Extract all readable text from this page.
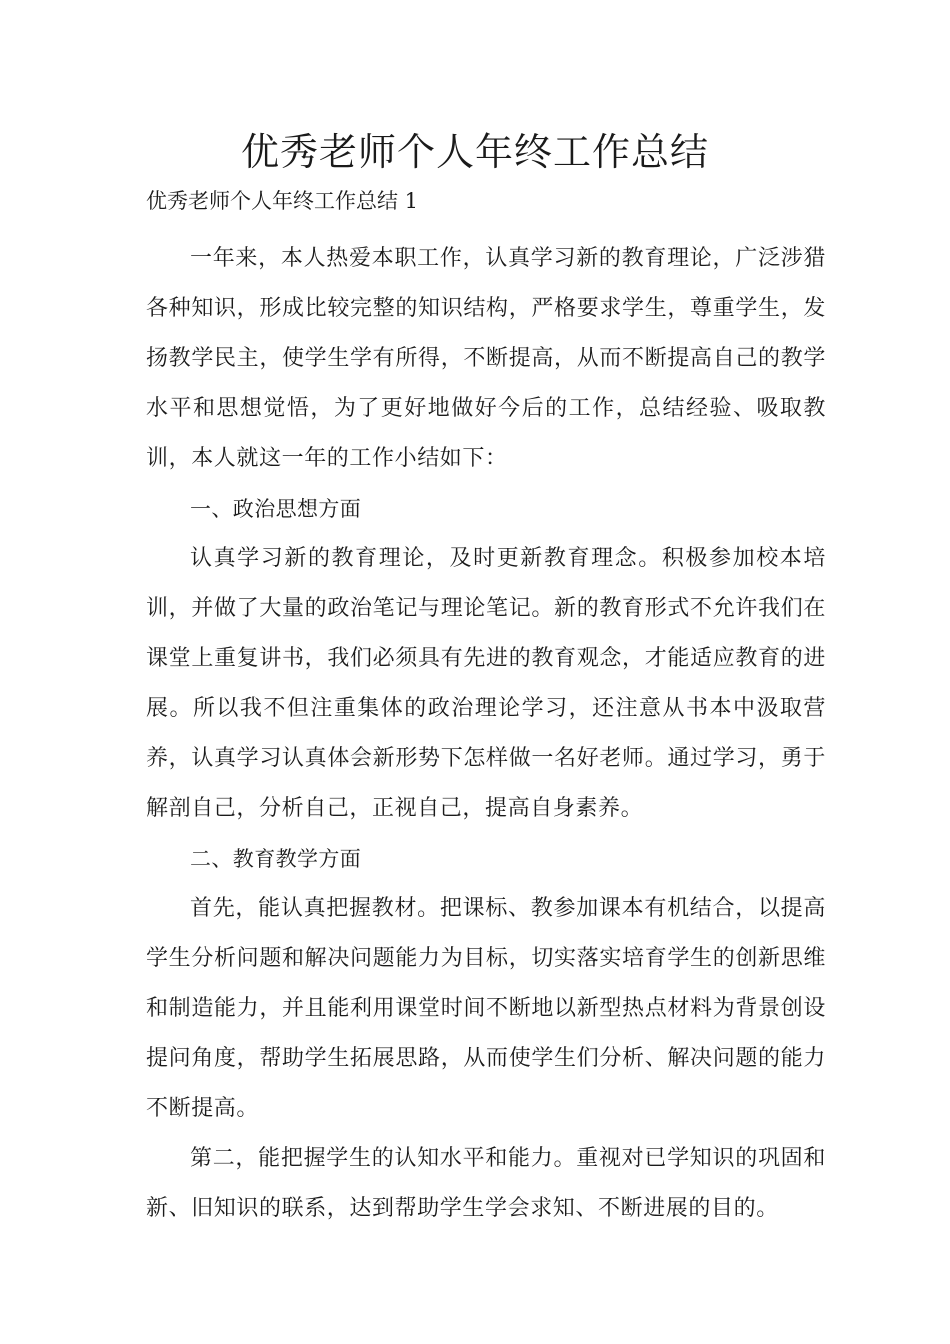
优秀老师个人年终工作总结

优秀老师个人年终工作总结 1

一年来，本人热爱本职工作，认真学习新的教育理论，广泛涉猎各种知识，形成比较完整的知识结构，严格要求学生，尊重学生，发扬教学民主，使学生学有所得，不断提高，从而不断提高自己的教学水平和思想觉悟，为了更好地做好今后的工作，总结经验、吸取教训，本人就这一年的工作小结如下：

一、政治思想方面

认真学习新的教育理论，及时更新教育理念。积极参加校本培训，并做了大量的政治笔记与理论笔记。新的教育形式不允许我们在课堂上重复讲书，我们必须具有先进的教育观念，才能适应教育的进展。所以我不但注重集体的政治理论学习，还注意从书本中汲取营养，认真学习认真体会新形势下怎样做一名好老师。通过学习，勇于解剖自己，分析自己，正视自己，提高自身素养。

二、教育教学方面

首先，能认真把握教材。把课标、教参加课本有机结合，以提高学生分析问题和解决问题能力为目标，切实落实培育学生的创新思维和制造能力，并且能利用课堂时间不断地以新型热点材料为背景创设提问角度，帮助学生拓展思路，从而使学生们分析、解决问题的能力不断提高。

第二，能把握学生的认知水平和能力。重视对已学知识的巩固和新、旧知识的联系，达到帮助学生学会求知、不断进展的目的。
